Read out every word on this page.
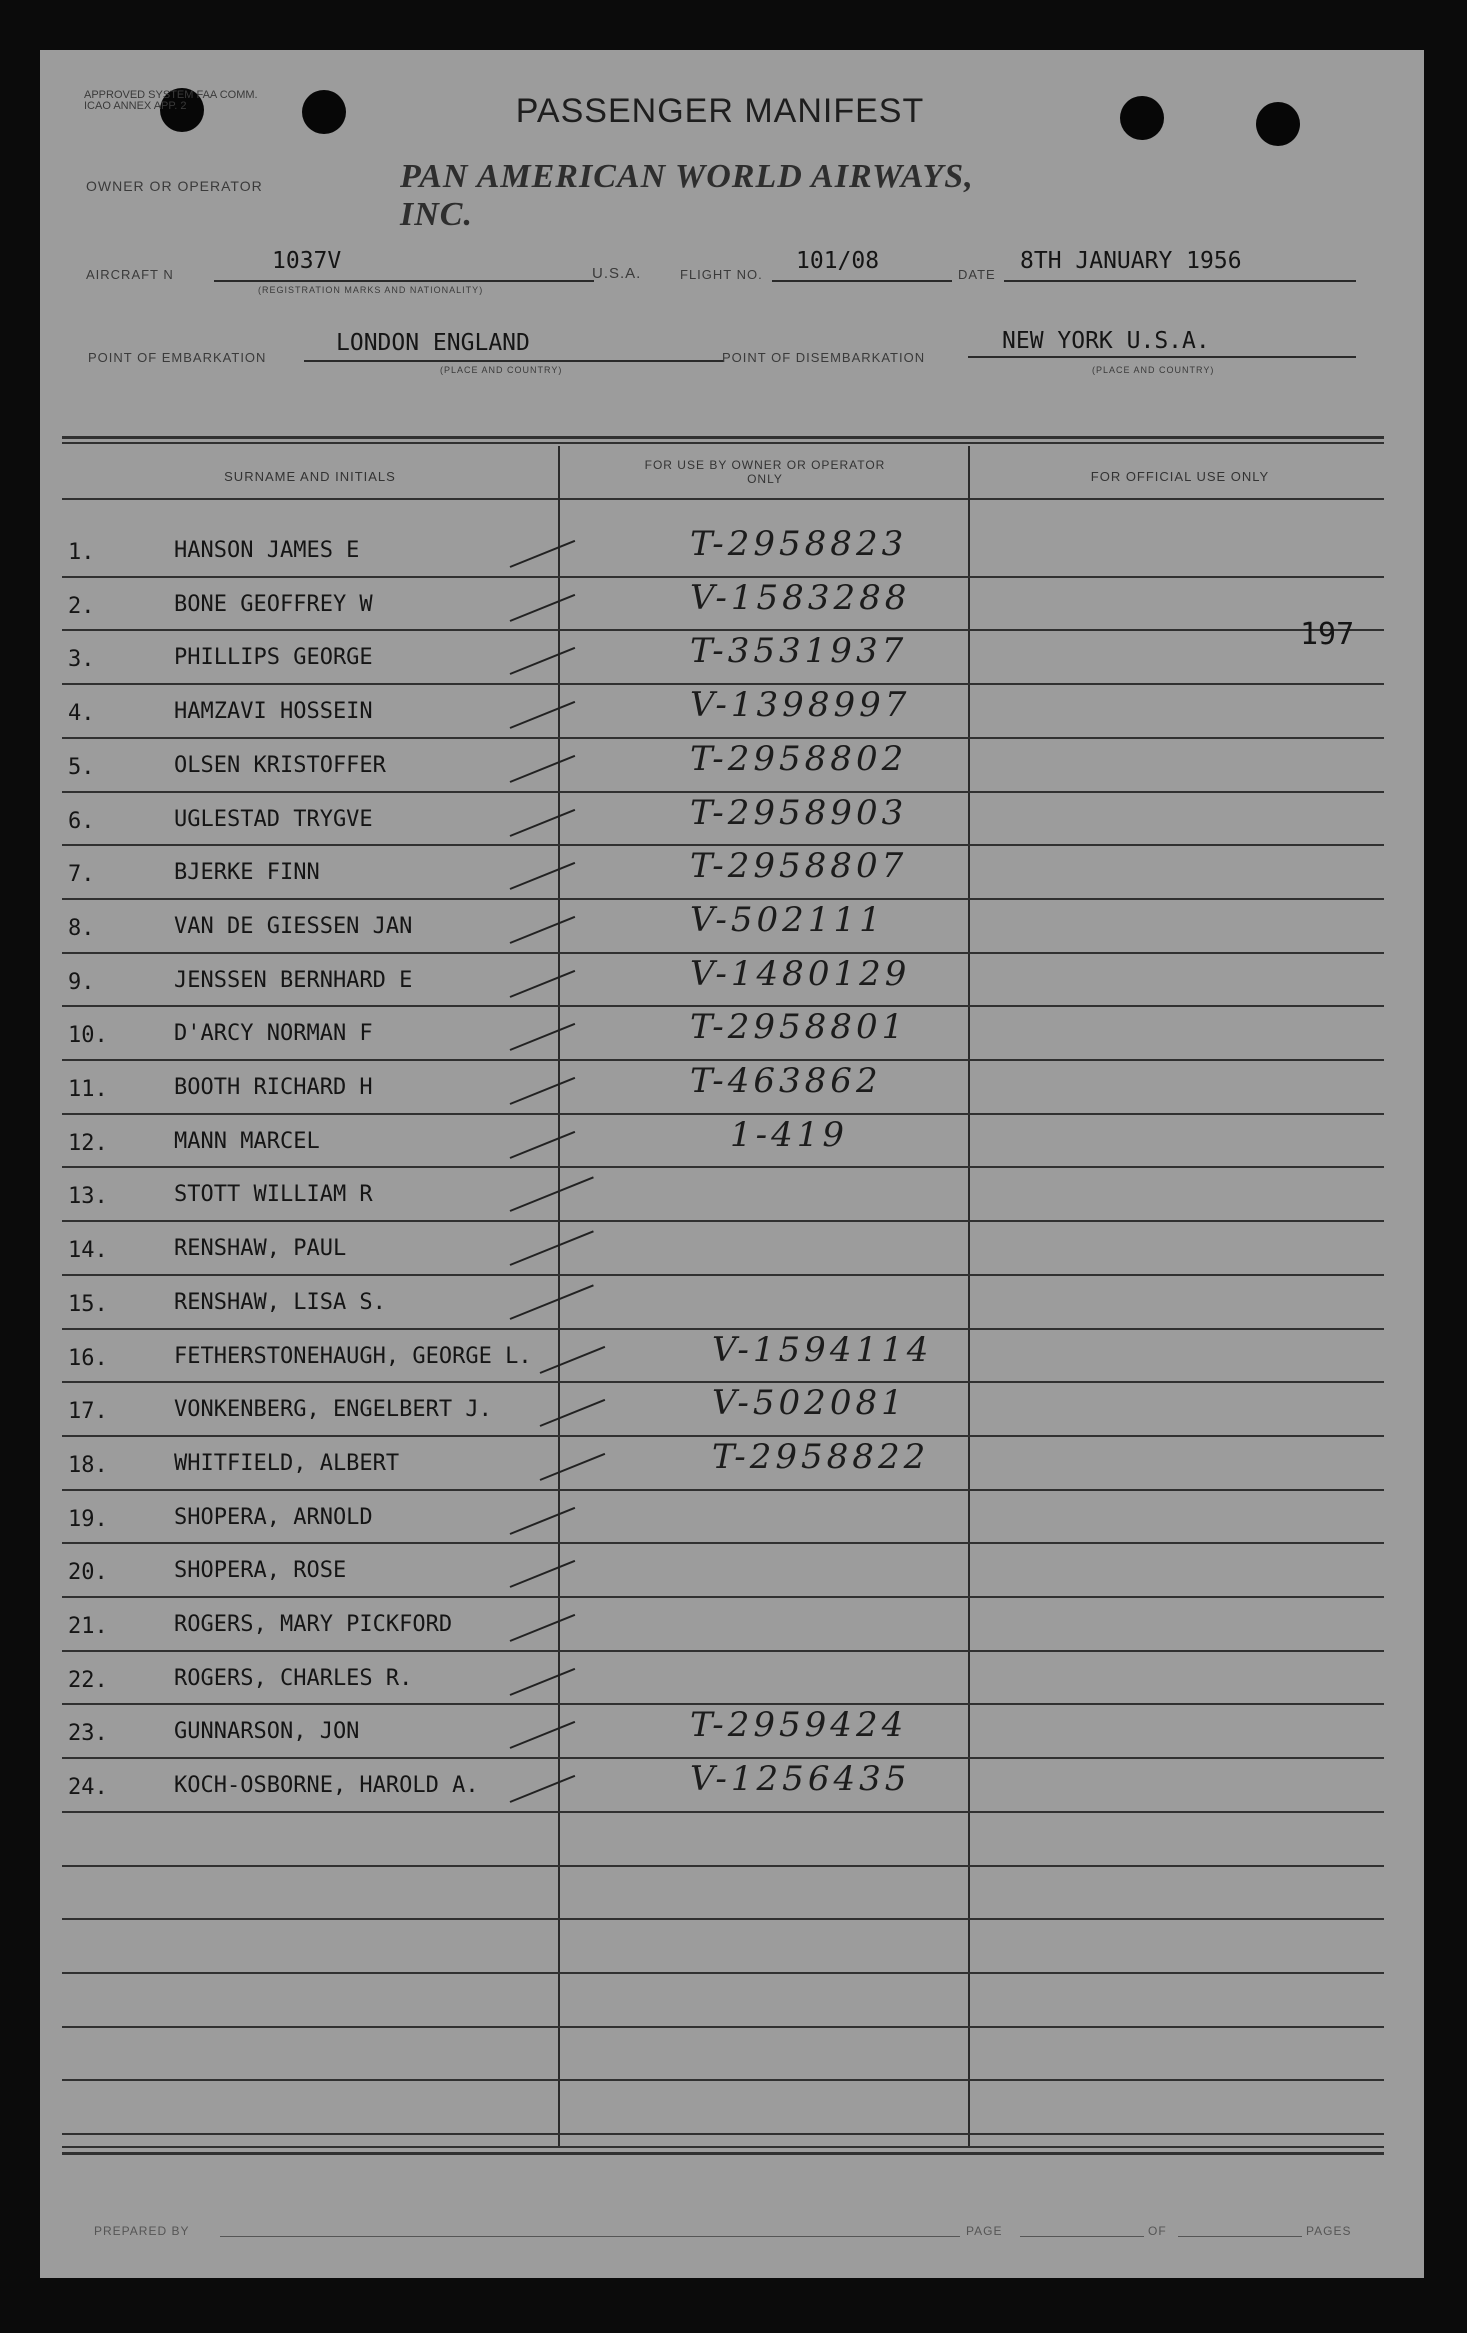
APPROVED SYSTEM FAA COMM. ICAO ANNEX APP. 2	PASSENGER MANIFEST
OWNER OR OPERATOR	PAN AMERICAN WORLD AIRWAYS, INC.
AIRCRAFT N
1037V
(REGISTRATION MARKS AND NATIONALITY)
U.S.A.	FLIGHT NO.
101/08
DATE
8TH JANUARY 1956
POINT OF EMBARKATION
LONDON ENGLAND
(PLACE AND COUNTRY)
POINT OF DISEMBARKATION
NEW YORK U.S.A.
(PLACE AND COUNTRY)
SURNAME AND INITIALS
FOR USE BY OWNER OR OPERATOR ONLY	FOR OFFICIAL USE ONLY
1.	HANSON JAMES E	T-2958823
2.	BONE GEOFFREY W	V-1583288
3.	PHILLIPS GEORGE	T-3531937
4.	HAMZAVI HOSSEIN	V-1398997
5.	OLSEN KRISTOFFER	T-2958802
6.	UGLESTAD TRYGVE	T-2958903
7.	BJERKE FINN	T-2958807
8.	VAN DE GIESSEN JAN	V-502111
9.	JENSSEN BERNHARD E	V-1480129
10.	D'ARCY NORMAN F	T-2958801
11.	BOOTH RICHARD H	T-463862
12.	MANN MARCEL	1-419
13.	STOTT WILLIAM R
14.	RENSHAW, PAUL
15.	RENSHAW, LISA S.
16.	FETHERSTONEHAUGH, GEORGE L.	V-1594114
17.	VONKENBERG, ENGELBERT J.	V-502081
18.	WHITFIELD, ALBERT	T-2958822
19.	SHOPERA, ARNOLD
20.	SHOPERA, ROSE
21.	ROGERS, MARY PICKFORD
22.	ROGERS, CHARLES R.
23.	GUNNARSON, JON	T-2959424
24.	KOCH-OSBORNE, HAROLD A.	V-1256435
197
PREPARED BY	PAGE	OF	PAGES
